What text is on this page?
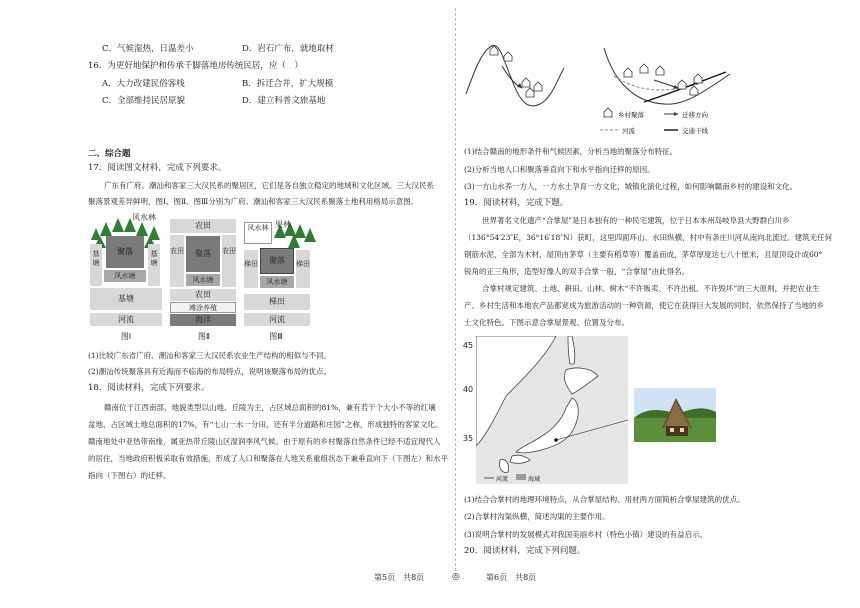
C．气候湿热，日温差小	D．岩石广布，就地取材
16．为更好地保护和传承千脚落地房传统民居，应（　）
A．大力改建民俗客栈	B．拆迁合并，扩大规模
C．全部维持民居原貌	D．建立科普文旅基地
二、综合题
17．阅读图文材料，完成下列要求。
广东有广府、潮汕和客家三大汉民系的聚居区，它们是各自独立稳定的地域和文化区域。三大汉民系
聚落景观差异鲜明，图Ⅰ、图Ⅱ、图Ⅲ分别为广府、潮汕和客家三大汉民系聚落土地利用格局示意图。
风水林
基塘
基塘
聚落
风水塘
基塘
河流
图Ⅰ
农田
农田	农田
聚落
风水塘
农田
滩涂养殖
海洋
图Ⅱ
风水林 果林
梯田	梯田
聚落
风水塘
梯田
河流
图Ⅲ
(1)比较广东省广府、潮汕和客家三大汉民系农业生产结构的相似与不同。
(2)潮汕传统聚落具有近海而不临海的布局特点，说明该聚落布局的优点。
18．阅读材料，完成下列要求。
赣南位于江西南部，地貌类型以山地、丘陵为主，占区域总面积的81%，兼有若干个大小不等的红壤
盆地，占区域土地总面积的17%，有“七山一水一分田，还有半分道路和庄园”之称，形成独特的客家文化。
赣南地处中亚热带南缘，属亚热带丘陵山区湿润季风气候。由于原有的乡村聚落自然条件已经不适宜现代人
的居住，当地政府积极采取有效措施，形成了人口和聚落在人地关系重组状态下兼垂直向下（下图左）和水平
指向（下图右）的迁移。
第5页　共8页	◎
乡村聚落	迁移方向
河流	交通干线
(1)结合赣南的地形条件和气候因素，分析当地的聚落分布特征。
(2)分析当地人口和聚落垂直向下和水平指向迁移的原因。
(3)一方山水养一方人，一方水土孕育一方文化，城镇化演化过程，如何影响赣南乡村的建设和文化。
19．阅读材料，完成下题。
世界著名文化遗产“合掌屋”是日本独有的一种民宅建筑，位于日本本州岛岐阜县大野群白川乡
（136°54′23″E，36°16′18″N）获町，这里四面环山、水田纵横，村中有条庄川河从南向北流过。建筑无任何
钢筋水泥，全部为木材，屋顶由茅草（主要有稻草等）覆盖而成，茅草厚度达七八十厘米，且屋顶设计成60°
锐角的正三角形，造型好像人的双手合掌一般，“合掌屋”由此得名。
合掌村规定建筑、土地、耕田、山林、树木“不许贩卖、不许出租、不许毁坏”的三大原则，并把农业生
产、乡村生活和本地农产品都宽成为旅游活动的一种资源，使它在获得巨大发展的同时，依然保持了当地的乡
土文化特色。下图示意合掌屋景观、位置及分布。
45
40
35
河流	海域
(1)结合合掌村的地理环境特点，从合掌屋结构、用材两方面简析合掌屋建筑的优点。
(2)合掌村沟渠纵横，简述沟渠的主要作用。
(3)说明合掌村的发展模式对我国美丽乡村（特色小镇）建设的有益启示。
20．阅读材料，完成下列问题。
第6页　共8页
